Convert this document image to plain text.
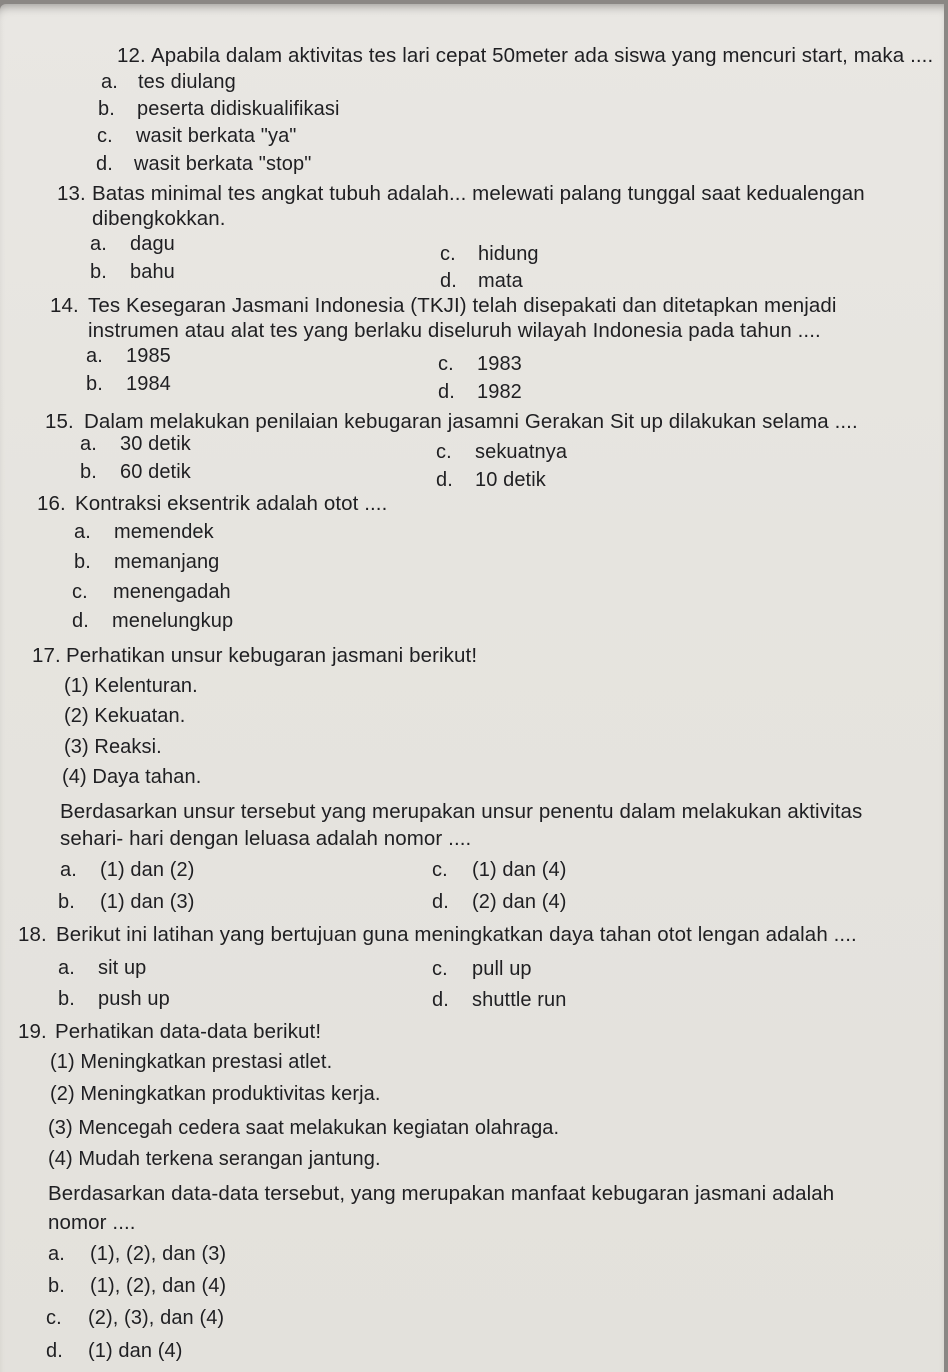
12. Apabila dalam aktivitas tes lari cepat 50meter ada siswa yang mencuri start, maka ....
a. tes diulang
b. peserta didiskualifikasi
c. wasit berkata "ya"
d. wasit berkata "stop"
13. Batas minimal tes angkat tubuh adalah... melewati palang tunggal saat kedualengan
dibengkokkan.
a. dagu
b. bahu
c. hidung
d. mata
14. Tes Kesegaran Jasmani Indonesia (TKJI) telah disepakati dan ditetapkan menjadi
instrumen atau alat tes yang berlaku diseluruh wilayah Indonesia pada tahun ....
a. 1985
b. 1984
c. 1983
d. 1982
15. Dalam melakukan penilaian kebugaran jasamni Gerakan Sit up dilakukan selama ....
a. 30 detik
b. 60 detik
c. sekuatnya
d. 10 detik
16. Kontraksi eksentrik adalah otot ....
a. memendek
b. memanjang
c. menengadah
d. menelungkup
17. Perhatikan unsur kebugaran jasmani berikut!
(1) Kelenturan.
(2) Kekuatan.
(3) Reaksi.
(4) Daya tahan.
Berdasarkan unsur tersebut yang merupakan unsur penentu dalam melakukan aktivitas
sehari- hari dengan leluasa adalah nomor ....
a. (1) dan (2)
b. (1) dan (3)
c. (1) dan (4)
d. (2) dan (4)
18. Berikut ini latihan yang bertujuan guna meningkatkan daya tahan otot lengan adalah ....
a. sit up
b. push up
c. pull up
d. shuttle run
19. Perhatikan data-data berikut!
(1) Meningkatkan prestasi atlet.
(2) Meningkatkan produktivitas kerja.
(3) Mencegah cedera saat melakukan kegiatan olahraga.
(4) Mudah terkena serangan jantung.
Berdasarkan data-data tersebut, yang merupakan manfaat kebugaran jasmani adalah
nomor ....
a. (1), (2), dan (3)
b. (1), (2), dan (4)
c. (2), (3), dan (4)
d. (1) dan (4)
